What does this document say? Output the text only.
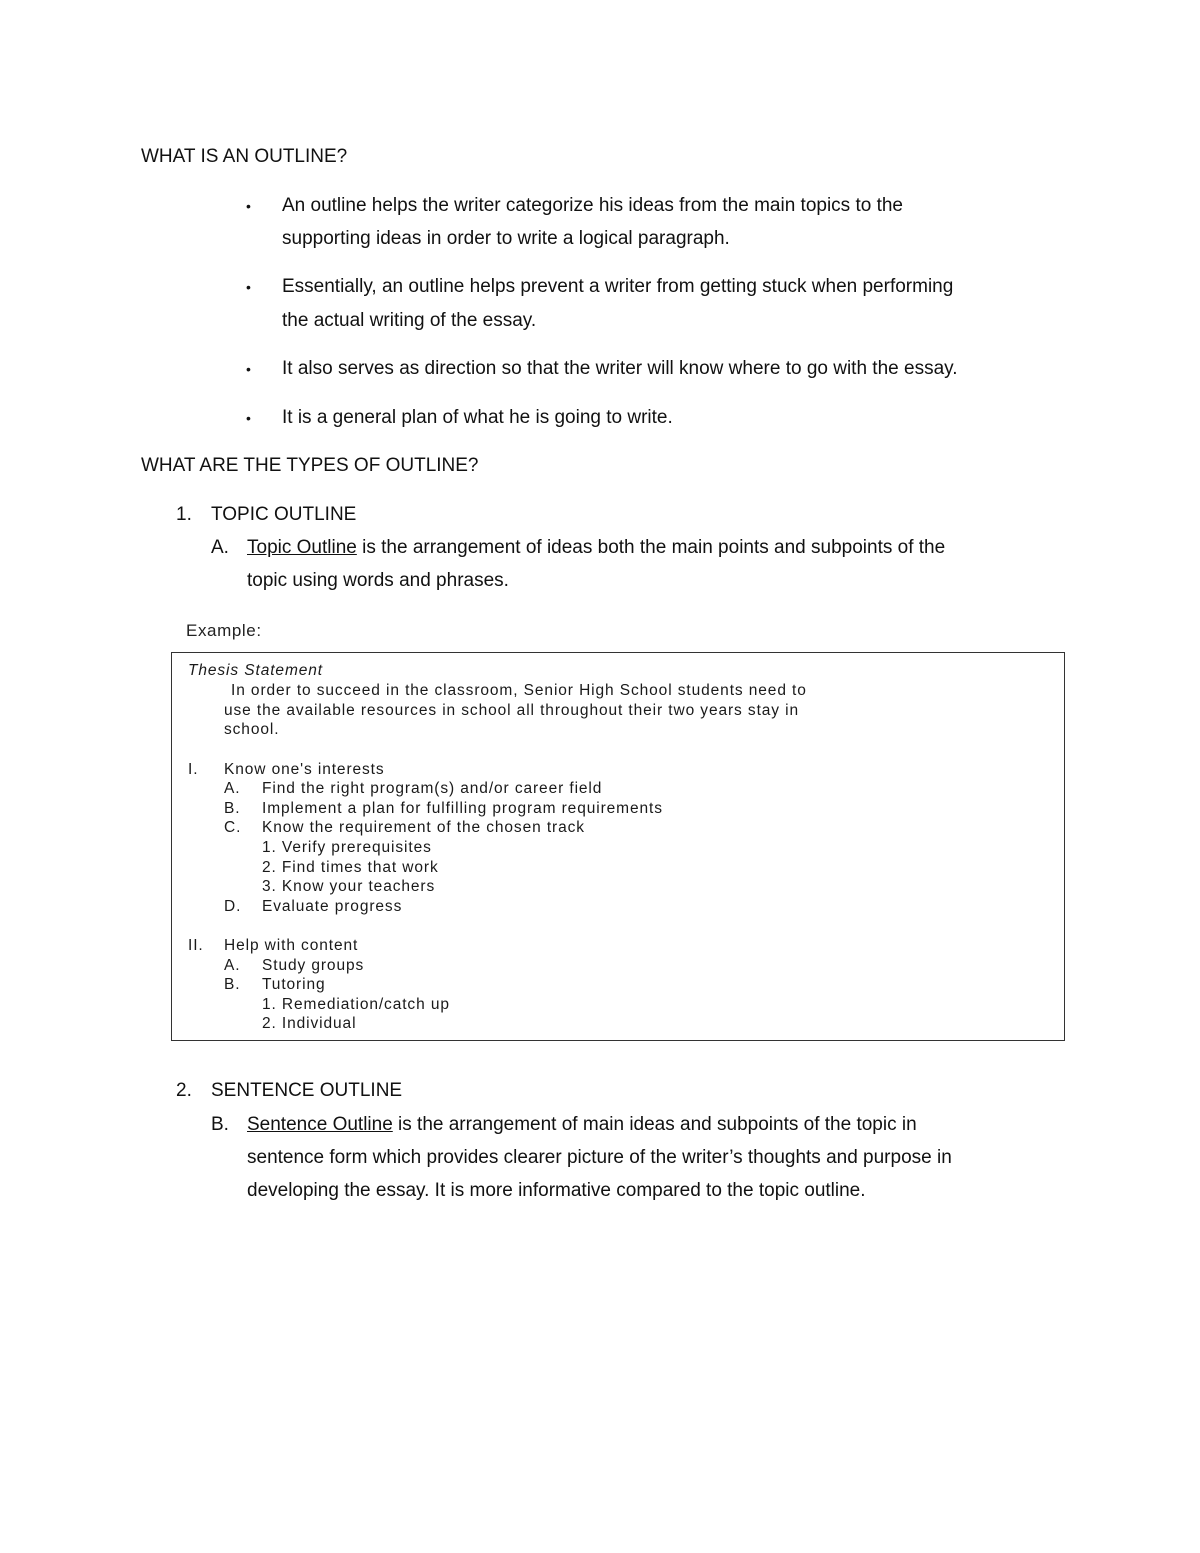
WHAT IS AN OUTLINE?
• An outline helps the writer categorize his ideas from the main topics to the
supporting ideas in order to write a logical paragraph.
• Essentially, an outline helps prevent a writer from getting stuck when performing
the actual writing of the essay.
• It also serves as direction so that the writer will know where to go with the essay.
• It is a general plan of what he is going to write.
WHAT ARE THE TYPES OF OUTLINE?
1. TOPIC OUTLINE
A. Topic Outline is the arrangement of ideas both the main points and subpoints of the
topic using words and phrases.
Example:
Thesis Statement
In order to succeed in the classroom, Senior High School students need to
use the available resources in school all throughout their two years stay in
school.
I. Know one's interests
A. Find the right program(s) and/or career field
B. Implement a plan for fulfilling program requirements
C. Know the requirement of the chosen track
1. Verify prerequisites
2. Find times that work
3. Know your teachers
D. Evaluate progress
II. Help with content
A. Study groups
B. Tutoring
1. Remediation/catch up
2. Individual
2. SENTENCE OUTLINE
B. Sentence Outline is the arrangement of main ideas and subpoints of the topic in
sentence form which provides clearer picture of the writer’s thoughts and purpose in
developing the essay. It is more informative compared to the topic outline.
